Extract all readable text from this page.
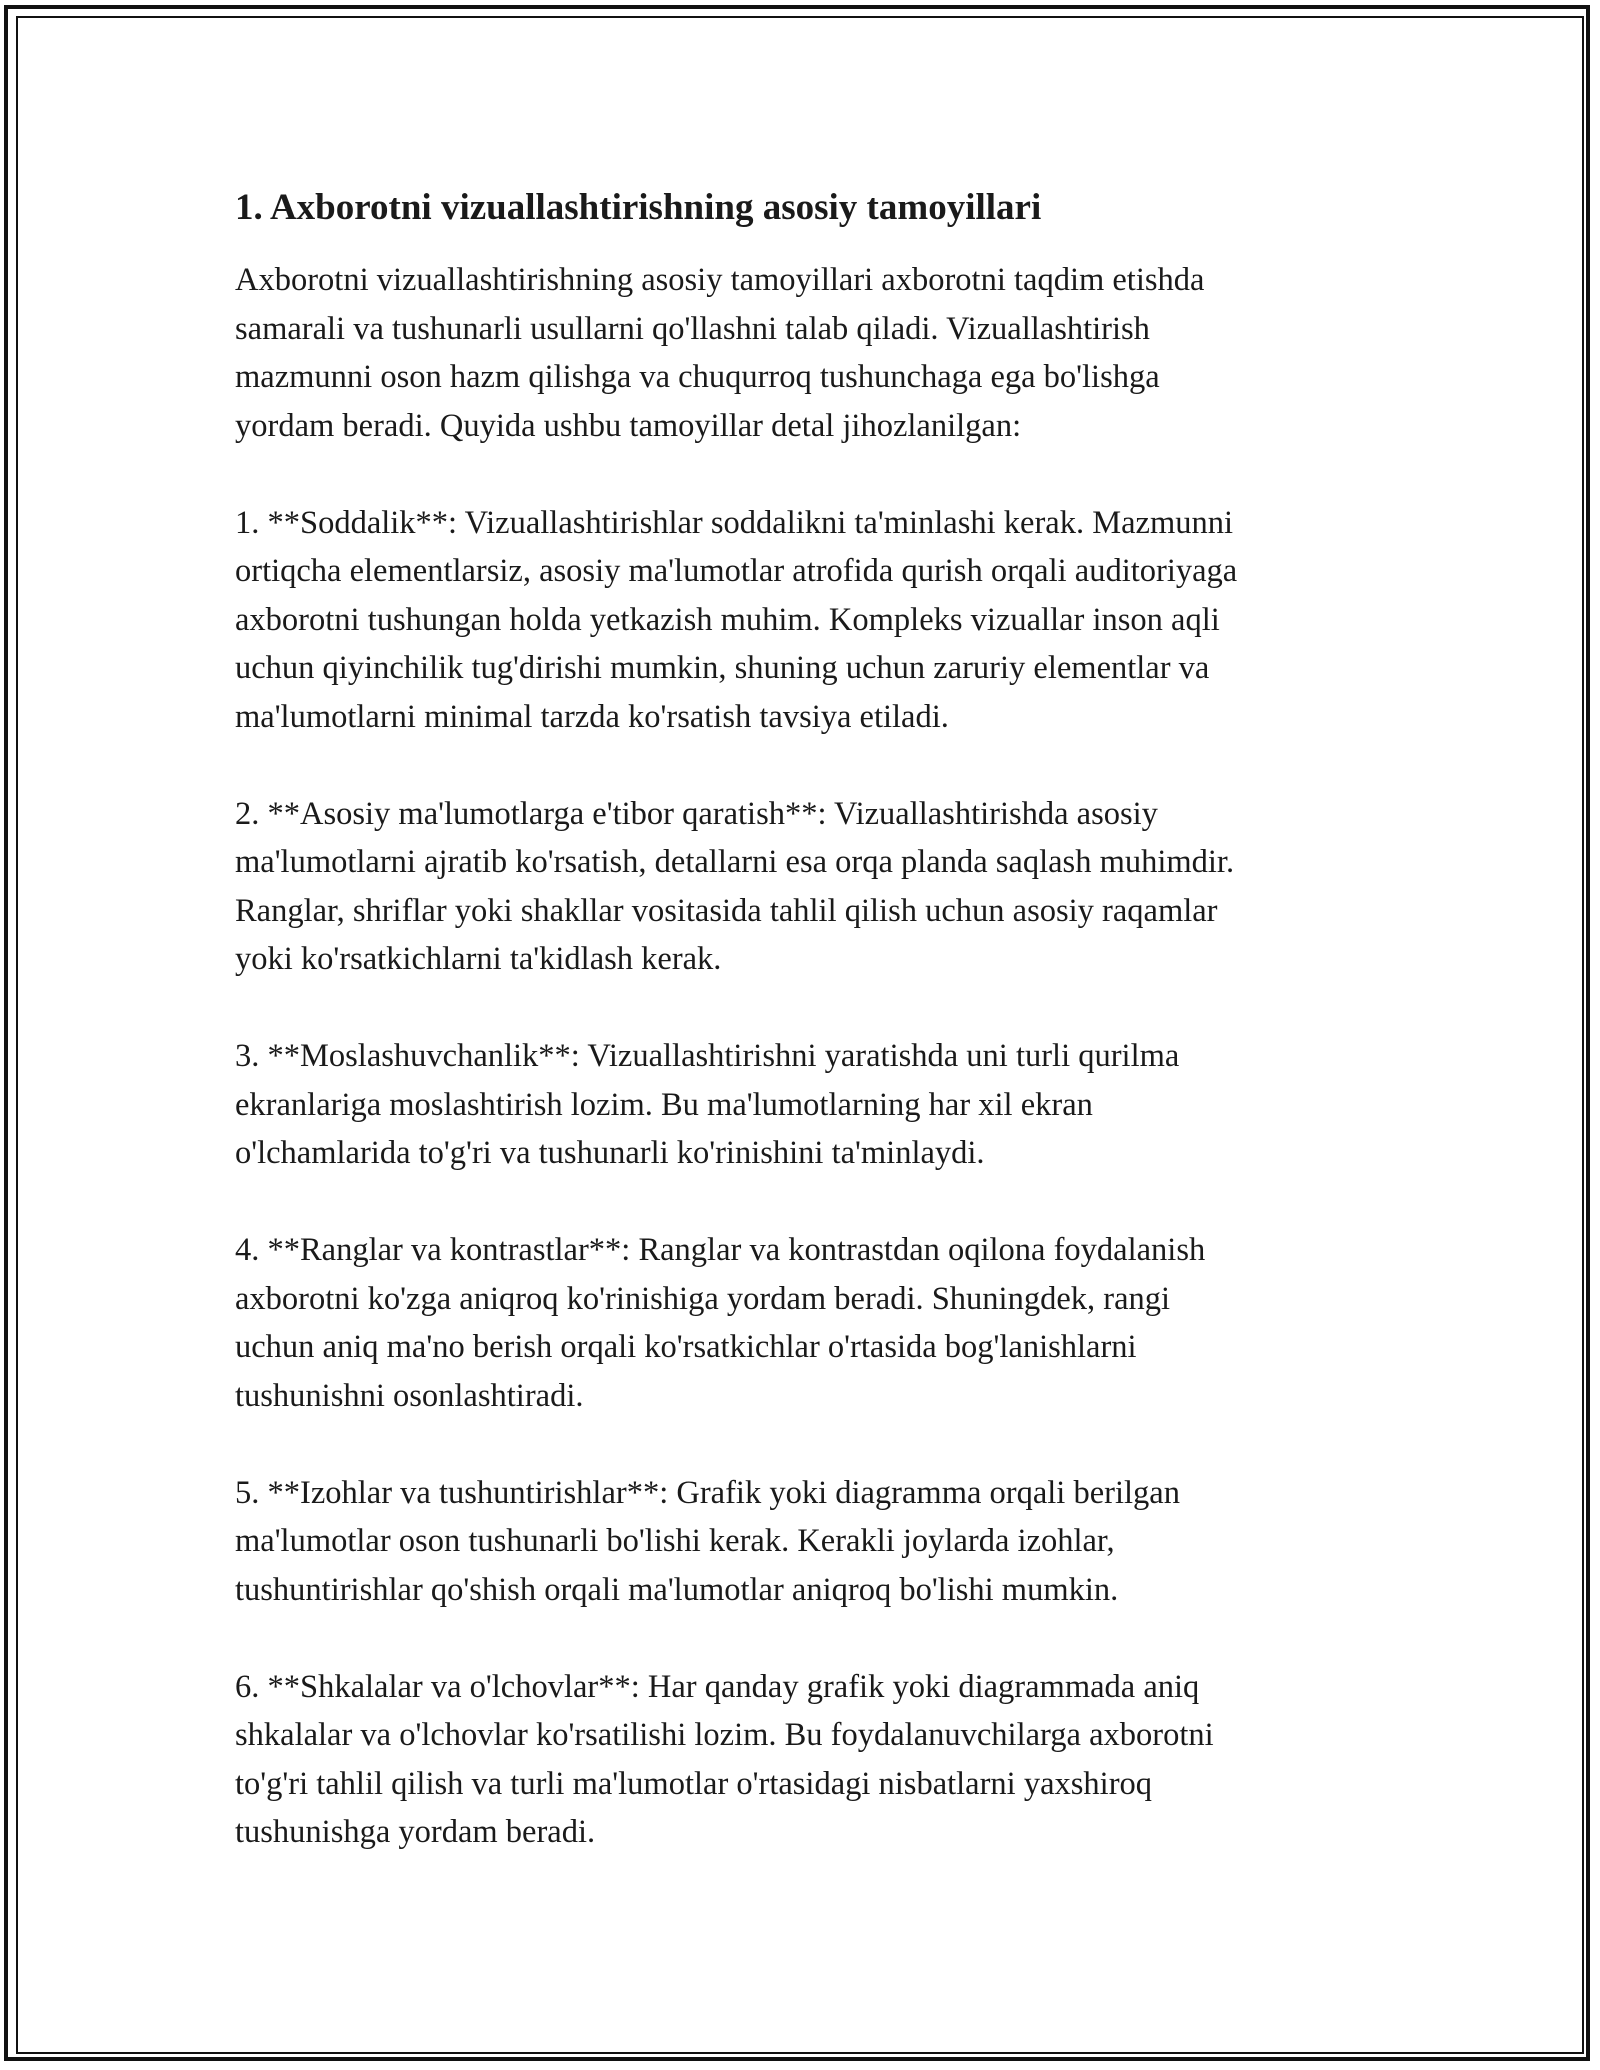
1. Axborotni vizuallashtirishning asosiy tamoyillari

Axborotni vizuallashtirishning asosiy tamoyillari axborotni taqdim etishda
samarali va tushunarli usullarni qo'llashni talab qiladi. Vizuallashtirish
mazmunni oson hazm qilishga va chuqurroq tushunchaga ega bo'lishga
yordam beradi. Quyida ushbu tamoyillar detal jihozlanilgan:

1. **Soddalik**: Vizuallashtirishlar soddalikni ta'minlashi kerak. Mazmunni
ortiqcha elementlarsiz, asosiy ma'lumotlar atrofida qurish orqali auditoriyaga
axborotni tushungan holda yetkazish muhim. Kompleks vizuallar inson aqli
uchun qiyinchilik tug'dirishi mumkin, shuning uchun zaruriy elementlar va
ma'lumotlarni minimal tarzda ko'rsatish tavsiya etiladi.

2. **Asosiy ma'lumotlarga e'tibor qaratish**: Vizuallashtirishda asosiy
ma'lumotlarni ajratib ko'rsatish, detallarni esa orqa planda saqlash muhimdir.
Ranglar, shriflar yoki shakllar vositasida tahlil qilish uchun asosiy raqamlar
yoki ko'rsatkichlarni ta'kidlash kerak.

3. **Moslashuvchanlik**: Vizuallashtirishni yaratishda uni turli qurilma
ekranlariga moslashtirish lozim. Bu ma'lumotlarning har xil ekran
o'lchamlarida to'g'ri va tushunarli ko'rinishini ta'minlaydi.

4. **Ranglar va kontrastlar**: Ranglar va kontrastdan oqilona foydalanish
axborotni ko'zga aniqroq ko'rinishiga yordam beradi. Shuningdek, rangi
uchun aniq ma'no berish orqali ko'rsatkichlar o'rtasida bog'lanishlarni
tushunishni osonlashtiradi.

5. **Izohlar va tushuntirishlar**: Grafik yoki diagramma orqali berilgan
ma'lumotlar oson tushunarli bo'lishi kerak. Kerakli joylarda izohlar,
tushuntirishlar qo'shish orqali ma'lumotlar aniqroq bo'lishi mumkin.

6. **Shkalalar va o'lchovlar**: Har qanday grafik yoki diagrammada aniq
shkalalar va o'lchovlar ko'rsatilishi lozim. Bu foydalanuvchilarga axborotni
to'g'ri tahlil qilish va turli ma'lumotlar o'rtasidagi nisbatlarni yaxshiroq
tushunishga yordam beradi.
